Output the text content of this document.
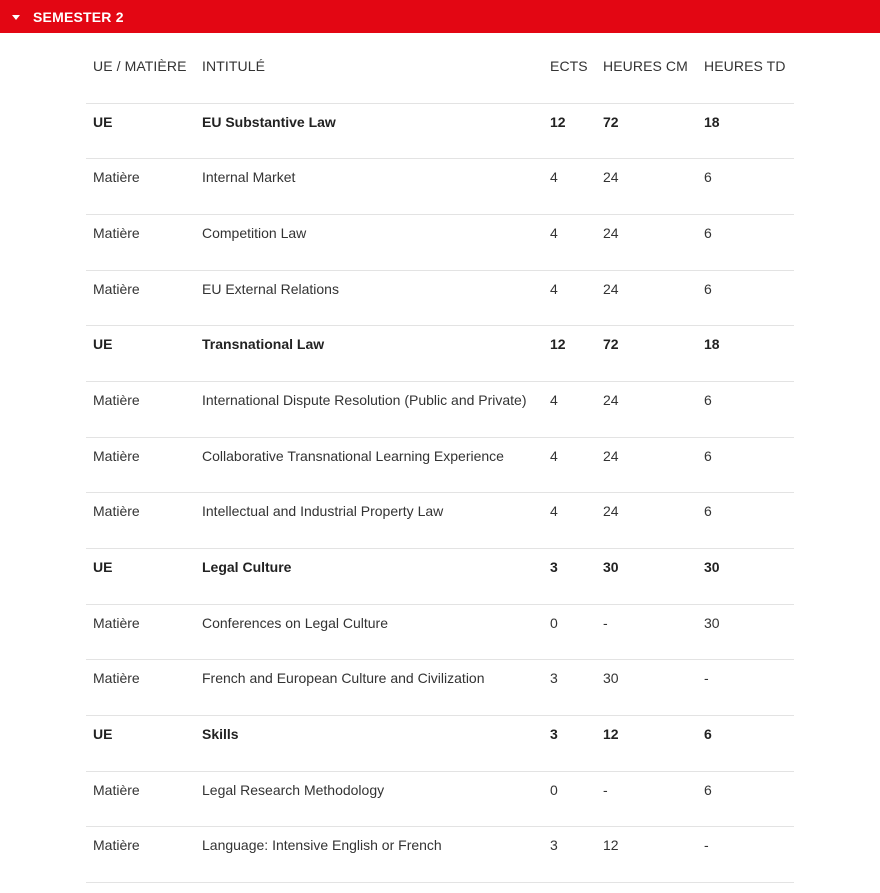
SEMESTER 2
UE / MATIÈRE	INTITULÉ	ECTS	HEURES CM	HEURES TD
UE	EU Substantive Law	12	72	18
Matière	Internal Market	4	24	6
Matière	Competition Law	4	24	6
Matière	EU External Relations	4	24	6
UE	Transnational Law	12	72	18
Matière	International Dispute Resolution (Public and Private)	4	24	6
Matière	Collaborative Transnational Learning Experience	4	24	6
Matière	Intellectual and Industrial Property Law	4	24	6
UE	Legal Culture	3	30	30
Matière	Conferences on Legal Culture	0	-	30
Matière	French and European Culture and Civilization	3	30	-
UE	Skills	3	12	6
Matière	Legal Research Methodology	0	-	6
Matière	Language: Intensive English or French	3	12	-
